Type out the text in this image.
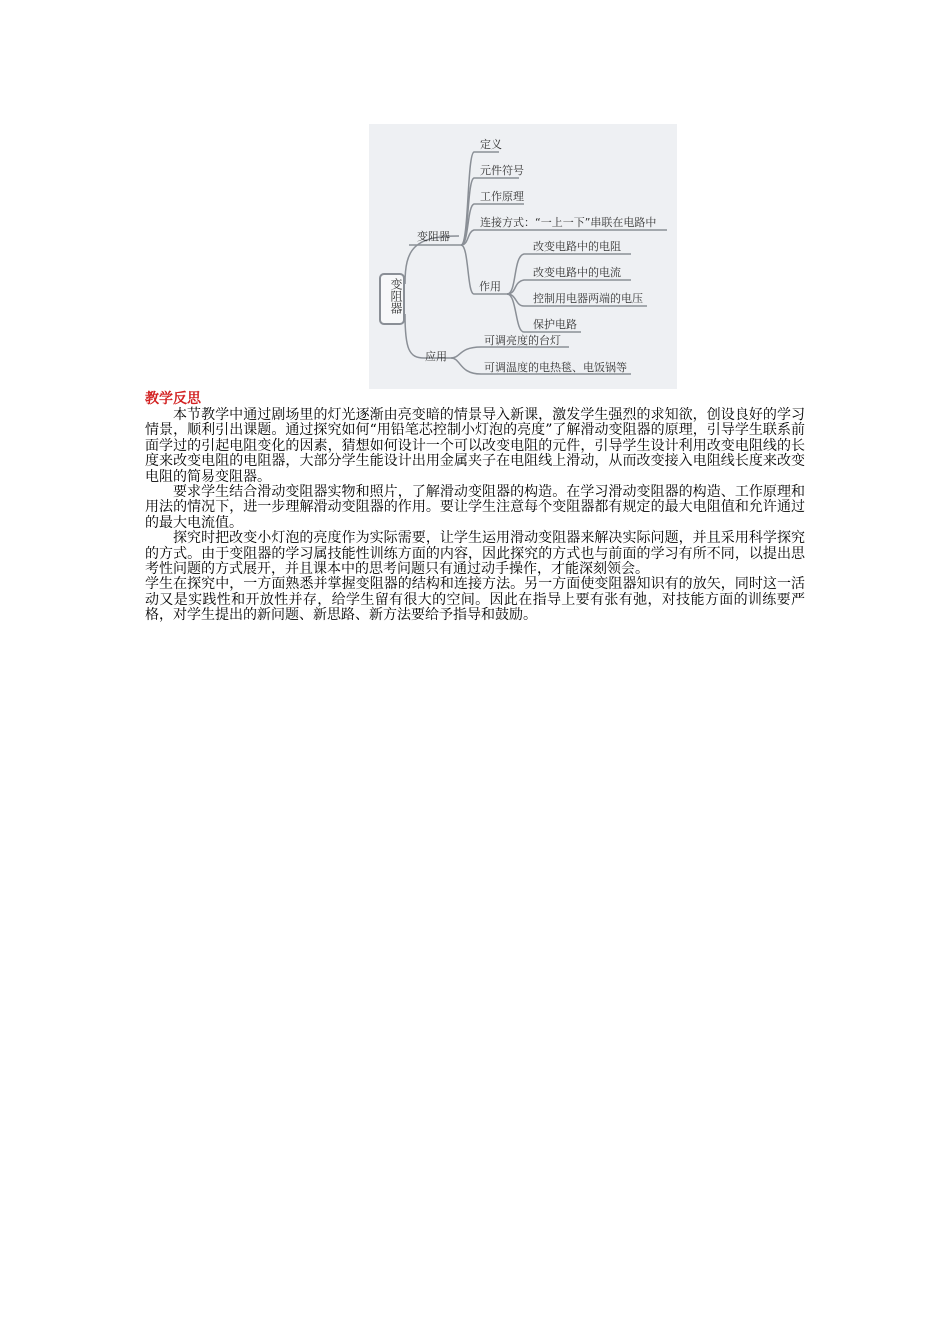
变阻器
变阻器
应用
作用
定义
元件符号
工作原理
连接方式：“一上一下”串联在电路中
改变电路中的电阻
改变电路中的电流
控制用电器两端的电压
保护电路
可调亮度的台灯
可调温度的电热毯、电饭锅等
教学反思

本节教学中通过剧场里的灯光逐渐由亮变暗的情景导入新课，激发学生强烈的求知欲，创设良好的学习情景，顺利引出课题。通过探究如何“用铅笔芯控制小灯泡的亮度”了解滑动变阻器的原理，引导学生联系前面学过的引起电阻变化的因素，猜想如何设计一个可以改变电阻的元件，引导学生设计利用改变电阻线的长度来改变电阻的电阻器，大部分学生能设计出用金属夹子在电阻线上滑动，从而改变接入电阻线长度来改变电阻的简易变阻器。

要求学生结合滑动变阻器实物和照片，了解滑动变阻器的构造。在学习滑动变阻器的构造、工作原理和用法的情况下，进一步理解滑动变阻器的作用。要让学生注意每个变阻器都有规定的最大电阻值和允许通过的最大电流值。

探究时把改变小灯泡的亮度作为实际需要，让学生运用滑动变阻器来解决实际问题，并且采用科学探究的方式。由于变阻器的学习属技能性训练方面的内容，因此探究的方式也与前面的学习有所不同，以提出思考性问题的方式展开，并且课本中的思考问题只有通过动手操作，才能深刻领会。

学生在探究中，一方面熟悉并掌握变阻器的结构和连接方法。另一方面使变阻器知识有的放矢，同时这一活动又是实践性和开放性并存，给学生留有很大的空间。因此在指导上要有张有弛，对技能方面的训练要严格，对学生提出的新问题、新思路、新方法要给予指导和鼓励。
